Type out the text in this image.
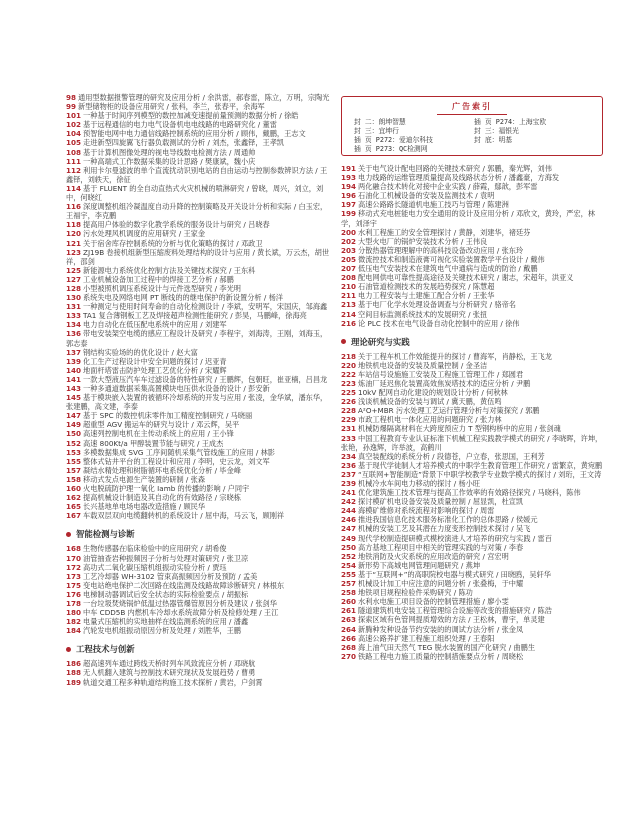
98 通用型数据报警管理的研究及应用分析 / 余洪雷，郝春雷，陈立，万明，宗陶光
99 新型储物柜的设备应用研究 / 张科，李兰，张春平，余海军
101 一种基于时间序列模型的数控加减变速提前量预测的数据分析 / 徐皓
102 基于远程通信的电力电气设备机电电线路的电路研究化 / 董雷
104 预智能电网中电力通信线路控制系统的应用分析 / 顾伟，戴鹏，王志文
105 走进新型四旋翼飞行器负载测试的分析 / 刘杰，张鑫铎，王孝凯
108 基于计算机图像处理的视电导线数电检测方法 / 周通帅
111 一种高端式工作数据采集的设计思路 / 樊康斌，魏小庆
112 利用卡尔曼滤波的单个直流扰动识别电站的自由运动与控制参数辨识方法 / 王鑫铎，刘轶天，徐征
114 基于 FLUENT 的全自动直热式火灾机械的喷淋研究 / 曾晓，周兴，刘立，刘中，何晓红
116 深度调整机组冷凝温度自动升降的控制策略及开关设计分析和实际 / 白玉宏，王福宇，李克鹏
118 提高用户体验的数字化教学系统的服务设计与研究 / 吕晓春
120 污水处理风机调度的应用研究 / 王家金
121 关于宿舍库存控制系统的分析与优化策略的探讨 / 邓政卫
123 ZJ19B 卷接机组新型压缩废料处理结构的设计与应用 / 黄长斌，万云杰，胡世祥，邵剑
125 新能源电力系统优化控制方法及关键技术探究 / 王东科
127 工业机械设备加工过程中的焊接工艺分析 / 郝鹏
128 小型被照机调压系统设计与元件选型研究 / 李光明
130 系统失电及网络电网 PT 断线的的继电保护的新设置分析 / 杨洋
131 一种测定与使用时间寿命的自动化检测设计 / 李斌，安明军，宋国庆，邹海鑫
133 TA1 复合薄钢板工艺及焊接超声检测性能研究 / 彭昊，马鹏峰，徐海亮
134 电力自动化在低压配电系统中的应用 / 刘建军
136 带电安装架空电缆的感应工程设计及研究 / 李程宇，刘海涛，王刚，刘海玉，郭志泰
137 钢结构实验场的的优化设计 / 赵大富
139 化工生产过程设计中安全问题的探讨 / 迟亚青
140 地面杆塔雷击防护处理工艺优化分析 / 宋耀辉
141 一款大型液压汽车车过滤设备的特性研究 / 王鹏辉，包朝旺，崔亚楠，吕昌龙
143 一种多通道数据采集高置模块电压供水设备的设计 / 彭安新
145 基于模块嵌入装置的被循环冷却系统的开发与应用 / 张凌，金华斌，潘东华，张建鹏，高文建，李泰
147 基于 SPC 的数控机床零件加工精度控制研究 / 马晓丽
149 超重型 AGV 搬运车的研究与设计 / 邓云辉，吴平
150 高速列控制电机在主传动系统上的应用 / 王小锋
152 高速 800Kt/a 甲醇装置节能与研究 / 王成杰
153 多模数据集成 SVG 工序间随机采集气管线施工的应用 / 林影
155 整体式钻井平台的工程设计和应用 / 李明，史云龙，刘文军
157 凝结水精处理和树脂循环电系统优化分析 / 毕金峰
158 移动式发点电源生产装置的研制 / 张森
160 火电脱硫防护理一氧化 Iamb 的传播的影响 / 户同宇
162 提高机械设计制造及其自动化的有效路径 / 宗晓栋
165 长兴基地单电场电器改造措施 / 顾民华
167 车载双层双向电缆翻转机的系统设计 / 屈中海，马云飞，顾刚祥
智能检测与诊断
168 生物传感器在临床检验中的应用研究 / 胡希俊
170 油管抽查岩种振频因子分析与处理对策研究 / 张卫凉
172 高功式二氧化碳压缩机组振动实验分析 / 贾珏
173 工艺冷却器 WH-3102 管束高振频因分析及预防 / 孟美
175 变电站绝电保护二次回路在线监测及线路故障诊断研究 / 林根东
176 电梯制动器调试后安全状态的实际检验要点 / 胡振标
178 一台垃圾焚烧锅炉低温过热器管爆管原因分析及建议 / 张剑华
180 中车 CDD5B 内燃机车冷却水系统故障分析及检修处理 / 王江
182 电量式压缩机的实地抽样在线监测系统的应用 / 潘鑫
184 汽轮发电机组振动原因分析及处理 / 刘胜华，王鹏
工程技术与创新
186 超高速列车通过跨线天桥时列车风致流应分析 / 邓晓航
188 无人机翻入建筑与控制技术研究现状及发展趋势 / 曹勇
189 轨道交通工程多种轨道结构施工技术探析 / 黄岩，户剑霄
广告索引
封 二：朗坤智慧	插 页 P274：上海宝欧
封 三：宜坤行	封 三：福银光
插 页 P272：爱迪尔科技	封 底：明基
插 页 P273：QC检测网
191 关于电气设计配电回路的关键技术研究 / 郭鹏，秦光辉，刘伟
193 电力线路的运维管理质量提高及线路状态分析 / 潘鑫豪，方海发
194 两化融合技术转化对接中企业实践 / 薛霞，鄢歆，彭军雷
196 石油化工机械设备的安装及监测技术 / 袁明
197 高速公路路长隧道机电施工技巧与管理 / 陈建洲
199 移动式充电桩能电力安全通用的设计及应用分析 / 邓欣文，黄玲，严宏，林学，刘泽宇
200 水利工程施工的安全管理探讨 / 黄静，刘建华，褚廷芬
202 大型火电厂的锅炉安装技术分析 / 王伟良
203 分散热器管理理解中的高科技设备改动应用 / 张东玲
205 微流控技术和制造液膏可视化实验装置教学平台设计 / 戴伟
207 低压电气安装技术在建筑电气中通病与造成的防治 / 戴鹏
208 配电网供电可靠性提高途径及关键技术研究 / 谢志，宋超年，洪亚义
210 石油管道检测技术的发展趋势探究 / 陈慧超
211 电力工程安装与土建施工配合分析 / 王张华
213 基于电厂化学水处理设备调查与分析研究 / 骆帝名
214 空间目标监测系统技术的发展研究 / 张扭
216 论 PLC 技术在电气设备自动化控制中的应用 / 徐伟
理论研究与实践
218 关于工程车机工作效能提升的探讨 / 曹海军，肖静松，王飞龙
220 地铁机电设备的安装及质量控制 / 金圣洁
222 车站信号设施施工安装及工程施工管理工作 / 郑圆君
223 炼油厂延迟焦化装置高效焦炭塔技术的适应分析 / 尹鹏
225 10kV 配网自动化建设的规划设计分析 / 何秋林
226 浅谈机械设备的安装与调试 / 冀天鹏，黄伍鸣
228 A²O+MBR 污水处理工艺运行管理分析与对策探究 / 郭鹏
229 市政工程机电一体化应用的问题研究 / 张力林
231 机械防爆隔离材料在大跨度预应力 T 型钢构桥中的应用 / 张剑魂
233 中国工程教育专业认证标准下机械工程实践教学模式的研究 / 李晓晖，许坤，张艳，孙逸辉，许举波，高鹤川
234 真空装配线的系统分析 / 段德苍，户立春，张思国，王利芳
236 基于现代学徒制人才培养模式的中职学生教育管理工作研究 / 雷繁京，黄宛鹏
237 “互联网+智能制造”背景下中职学校教学专业数学模式的探讨 / 刘珩，王文涛
239 机械冷水车间电力移动的探讨 / 杨小旺
241 优化建筑施工技术管理与提高工作效率的有效路径探究 / 马晓科，陈伟
242 探讨模矿机电设备安装及质量控制 / 屈显凯，杜宣凯
244 海模矿维修对系统流程对影响的探讨 / 周雷
246 推进我国信息化技术服务标准化工作的总体思路 / 侯媛元
247 机械的安装工艺及其潜在力度变形控制技术探讨 / 吴飞
249 现代学校制造提研模式模校演进人才培养的研究与实践 / 雷百
250 高方基地工程项目中相关的管理实践的与对策 / 李春
252 地铁消防及火灾系统的应用改造的研究 / 宫宏明
254 新形势下高城电网管理问题研究 / 燕坤
255 基于“互联网+”的高职院校电器与模式研究 / 田晓鸥，吴轩华
257 机械设计加工中应注意的问题分析 / 张叠梅，于中耀
258 地铁项目规程检验件采购研究 / 陈功
260 水利水电施工项目设备的控制管理措施 / 廖小雯
261 隧道建筑机电安装工程管理综合设施等改变的措施研究 / 陈浩
263 探索区域有色管网提质增效的方法 / 王松林，曹宇，单灵建
264 新腾种发种设备节约安装的的调试方法分析 / 张金凤
266 高速公路养扩建工程施工组织处理 / 王春阳
268 海上油气田天然气 TEG 脱水装置的国产化研究 / 曲鹏生
270 铁路工程电力施工质量的控制措施要点分析 / 周晓松
